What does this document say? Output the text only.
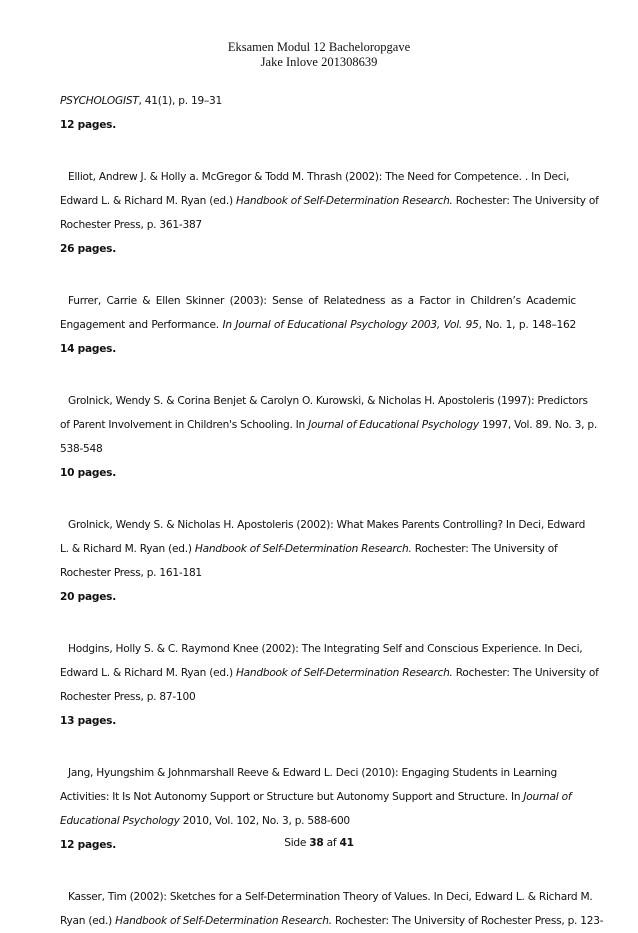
Eksamen Modul 12 Bacheloropgave
Jake Inlove 201308639
PSYCHOLOGIST, 41(1), p. 19–31
12 pages.
Elliot, Andrew J. & Holly a. McGregor & Todd M. Thrash (2002): The Need for Competence. . In Deci,
Edward L. & Richard M. Ryan (ed.) Handbook of Self-Determination Research. Rochester: The University of
Rochester Press, p. 361-387
26 pages.
Furrer, Carrie & Ellen Skinner (2003): Sense of Relatedness as a Factor in Children’s Academic
Engagement and Performance. In Journal of Educational Psychology 2003, Vol. 95, No. 1, p. 148–162
14 pages.
Grolnick, Wendy S. & Corina Benjet & Carolyn O. Kurowski, & Nicholas H. Apostoleris (1997): Predictors
of Parent Involvement in Children's Schooling. In Journal of Educational Psychology 1997, Vol. 89. No. 3, p.
538-548
10 pages.
Grolnick, Wendy S. & Nicholas H. Apostoleris (2002): What Makes Parents Controlling? In Deci, Edward
L. & Richard M. Ryan (ed.) Handbook of Self-Determination Research. Rochester: The University of
Rochester Press, p. 161-181
20 pages.
Hodgins, Holly S. & C. Raymond Knee (2002): The Integrating Self and Conscious Experience. In Deci,
Edward L. & Richard M. Ryan (ed.) Handbook of Self-Determination Research. Rochester: The University of
Rochester Press, p. 87-100
13 pages.
Jang, Hyungshim & Johnmarshall Reeve & Edward L. Deci (2010): Engaging Students in Learning
Activities: It Is Not Autonomy Support or Structure but Autonomy Support and Structure. In Journal of
Educational Psychology 2010, Vol. 102, No. 3, p. 588-600
12 pages.
Kasser, Tim (2002): Sketches for a Self-Determination Theory of Values. In Deci, Edward L. & Richard M.
Ryan (ed.) Handbook of Self-Determination Research. Rochester: The University of Rochester Press, p. 123-
Side 38 af 41
